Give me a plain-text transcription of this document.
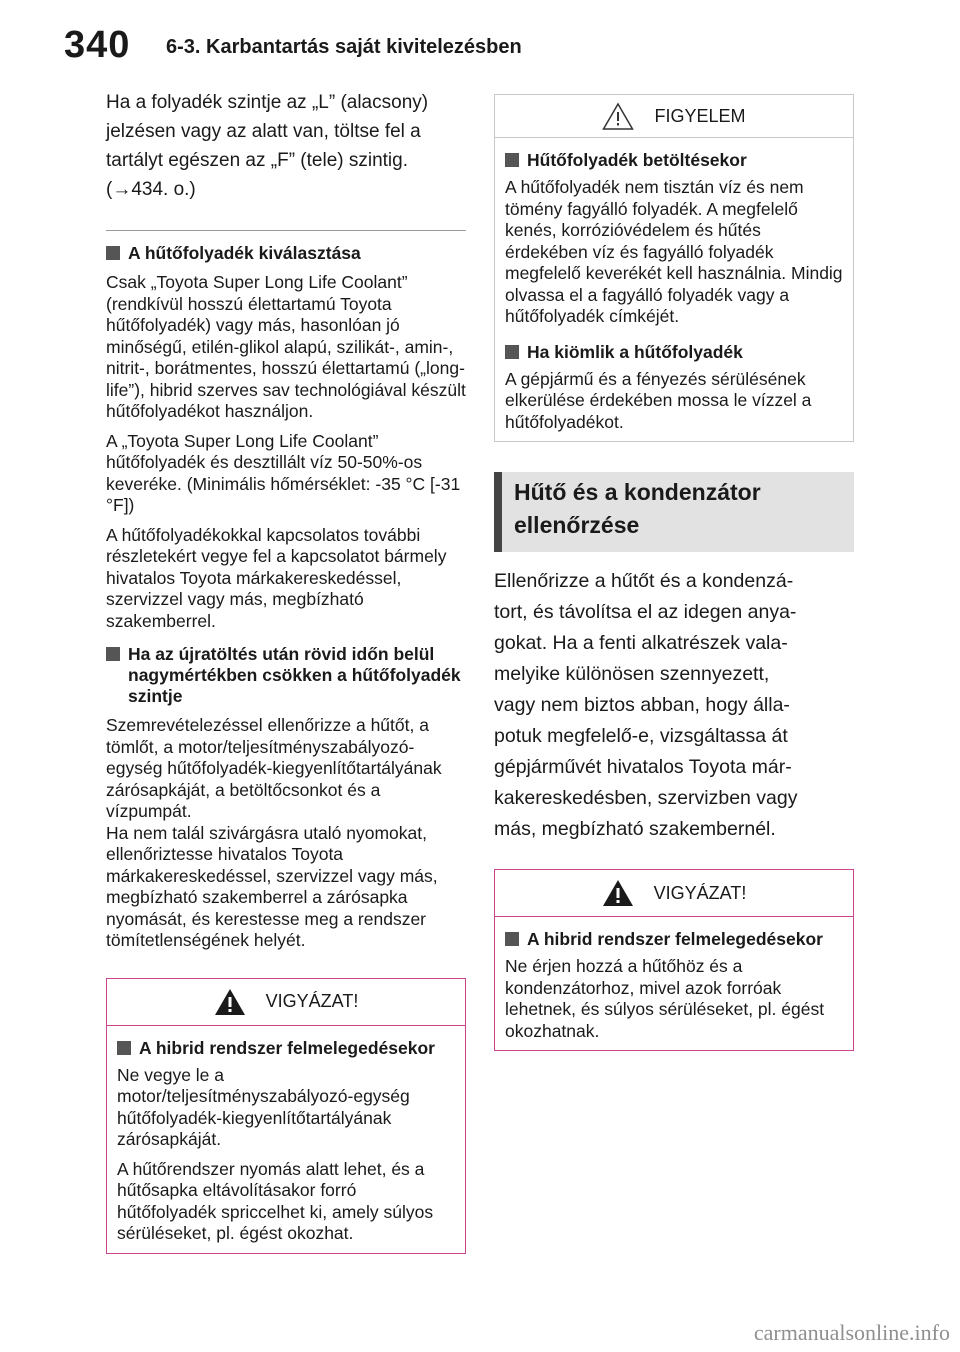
340 6-3. Karbantartás saját kivitelezésben

Ha a folyadék szintje az „L” (alacsony)

jelzésen vagy az alatt van, töltse fel a

tartályt egészen az „F” (tele) szintig.

(→434. o.)

A hűtőfolyadék kiválasztása

Csak „Toyota Super Long Life Coolant” (rendkívül hosszú élettartamú Toyota hűtőfolyadék) vagy más, hasonlóan jó minőségű, etilén-glikol alapú, szilikát-, amin-, nitrit-, borátmentes, hosszú élettartamú („long-life”), hibrid szerves sav technológiával készült hűtőfolyadékot használjon.

A „Toyota Super Long Life Coolant” hűtőfolyadék és desztillált víz 50-50%-os keveréke. (Minimális hőmérséklet: -35 °C [-31 °F])

A hűtőfolyadékokkal kapcsolatos további részletekért vegye fel a kapcsolatot bármely hivatalos Toyota márkakereskedéssel, szervizzel vagy más, megbízható szakemberrel.

Ha az újratöltés után rövid időn belül nagymértékben csökken a hűtőfolyadék szintje

Szemrevételezéssel ellenőrizze a hűtőt, a tömlőt, a motor/teljesítményszabályozó-egység hűtőfolyadék-kiegyenlítőtartályának zárósapkáját, a betöltőcsonkot és a vízpumpát.

Ha nem talál szivárgásra utaló nyomokat, ellenőriztesse hivatalos Toyota márkakereskedéssel, szervizzel vagy más, megbízható szakemberrel a zárósapka nyomását, és kerestesse meg a rendszer tömítetlenségének helyét.

VIGYÁZAT!
A hibrid rendszer felmelegedésekor

Ne vegye le a motor/teljesítményszabályozó-egység hűtőfolyadék-kiegyenlítőtartályának zárósapkáját.

A hűtőrendszer nyomás alatt lehet, és a hűtősapka eltávolításakor forró hűtőfolyadék spriccelhet ki, amely súlyos sérüléseket, pl. égést okozhat.

FIGYELEM
Hűtőfolyadék betöltésekor

A hűtőfolyadék nem tisztán víz és nem tömény fagyálló folyadék. A megfelelő kenés, korrózióvédelem és hűtés érdekében víz és fagyálló folyadék megfelelő keverékét kell használnia. Mindig olvassa el a fagyálló folyadék vagy a hűtőfolyadék címkéjét.

Ha kiömlik a hűtőfolyadék

A gépjármű és a fényezés sérülésének elkerülése érdekében mossa le vízzel a hűtőfolyadékot.

Hűtő és a kondenzátor ellenőrzése

Ellenőrizze a hűtőt és a kondenzá-

tort, és távolítsa el az idegen anya-

gokat. Ha a fenti alkatrészek vala-

melyike különösen szennyezett,

vagy nem biztos abban, hogy álla-

potuk megfelelő-e, vizsgáltassa át

gépjárművét hivatalos Toyota már-

kakereskedésben, szervizben vagy

más, megbízható szakembernél.

VIGYÁZAT!
A hibrid rendszer felmelegedésekor

Ne érjen hozzá a hűtőhöz és a kondenzátorhoz, mivel azok forróak lehetnek, és súlyos sérüléseket, pl. égést okozhatnak.

carmanualsonline.info
